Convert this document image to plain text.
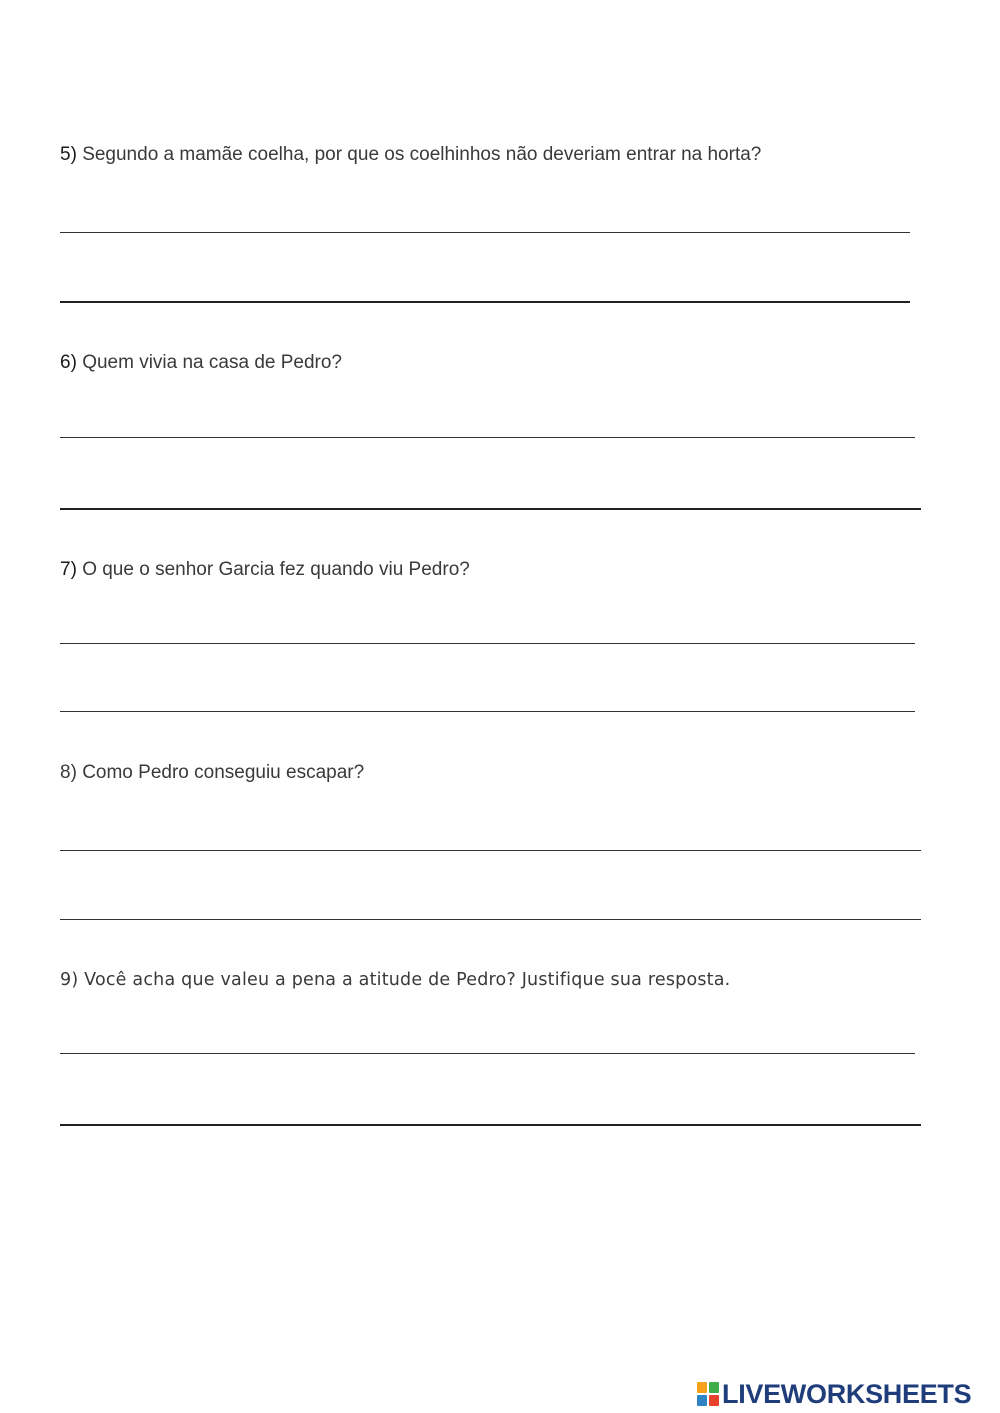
5) Segundo a mamãe coelha, por que os coelhinhos não deveriam entrar na horta?
6) Quem vivia na casa de Pedro?
7) O que o senhor Garcia fez quando viu Pedro?
8) Como Pedro conseguiu escapar?
9) Você acha que valeu a pena a atitude de Pedro? Justifique sua resposta.
LIVEWORKSHEETS
